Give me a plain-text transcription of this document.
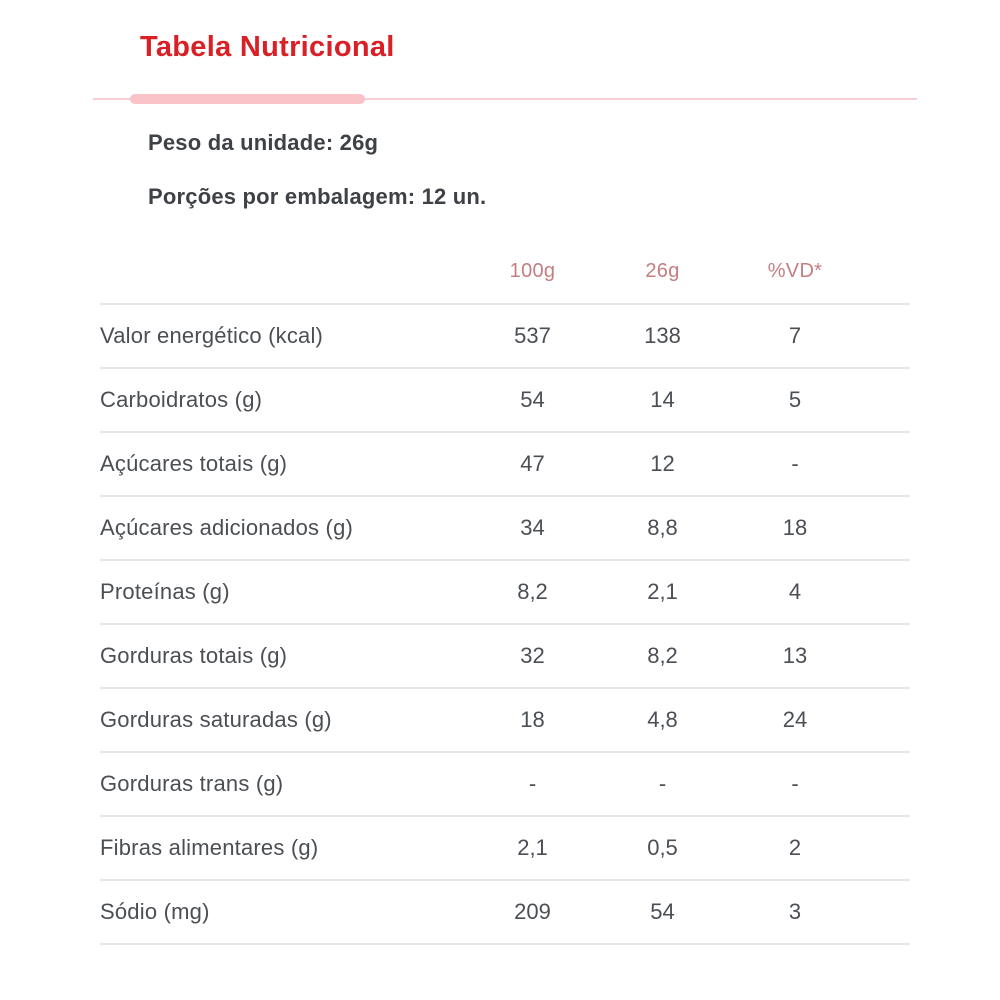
Tabela Nutricional

Peso da unidade: 26g

Porções por embalagem: 12 un.

	100g	26g	%VD*
Valor energético (kcal)	537	138	7
Carboidratos (g)	54	14	5
Açúcares totais (g)	47	12	-
Açúcares adicionados (g)	34	8,8	18
Proteínas (g)	8,2	2,1	4
Gorduras totais (g)	32	8,2	13
Gorduras saturadas (g)	18	4,8	24
Gorduras trans (g)	-	-	-
Fibras alimentares (g)	2,1	0,5	2
Sódio (mg)	209	54	3
